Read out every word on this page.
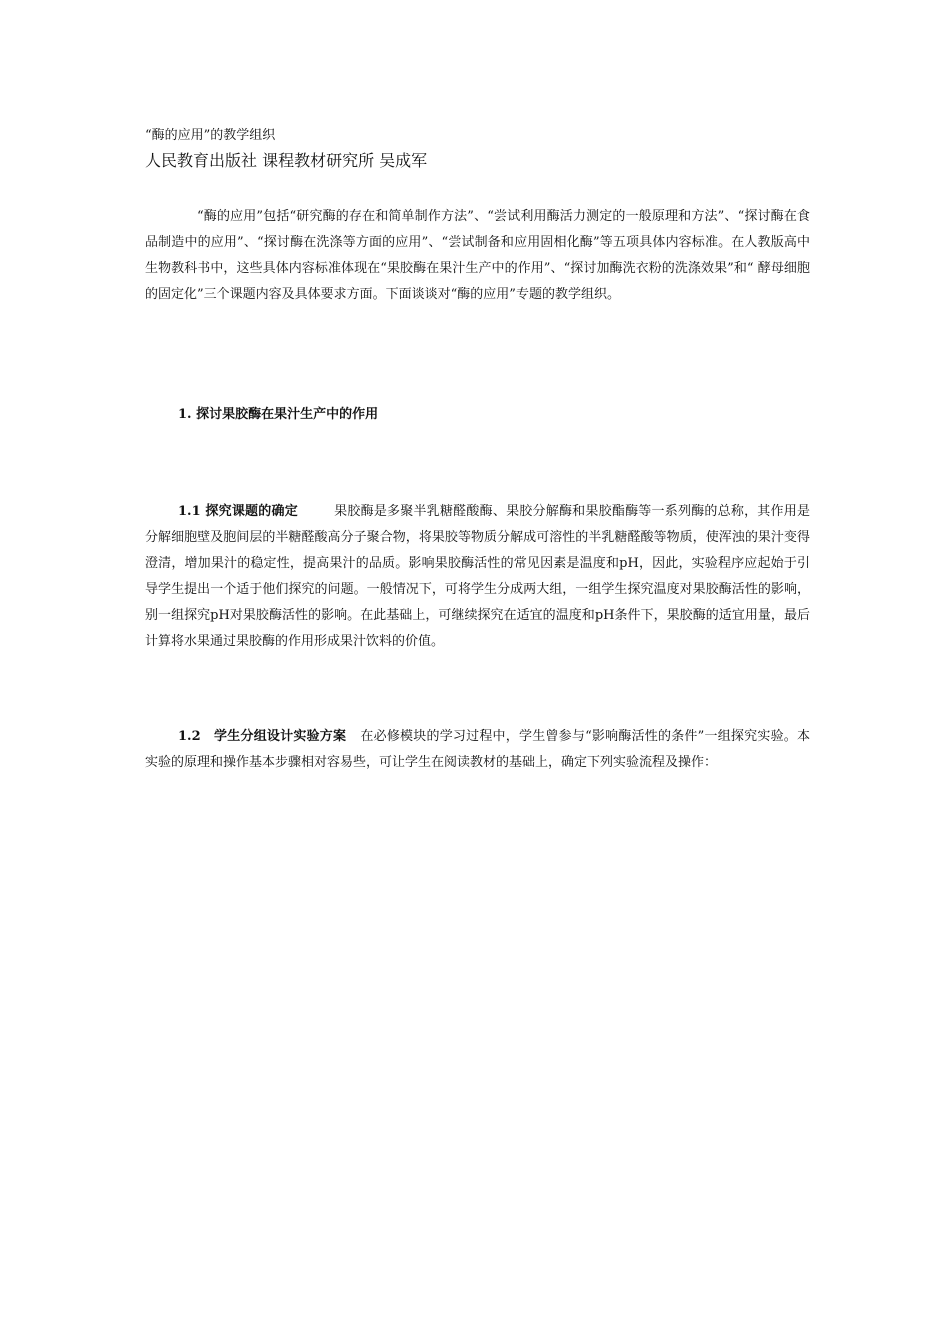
“酶的应用”的教学组织
人民教育出版社 课程教材研究所 吴成军

“酶的应用”包括“研究酶的存在和简单制作方法”、“尝试利用酶活力测定的一般原理和方法”、“探讨酶在食品制造中的应用”、“探讨酶在洗涤等方面的应用”、“尝试制备和应用固相化酶”等五项具体内容标准。在人教版高中生物教科书中，这些具体内容标准体现在“果胶酶在果汁生产中的作用”、“探讨加酶洗衣粉的洗涤效果”和“ 酵母细胞的固定化”三个课题内容及具体要求方面。下面谈谈对“酶的应用”专题的教学组织。

1. 探讨果胶酶在果汁生产中的作用

1.1 探究课题的确定	果胶酶是多聚半乳糖醛酸酶、果胶分解酶和果胶酯酶等一系列酶的总称，其作用是分解细胞壁及胞间层的半糖醛酸高分子聚合物，将果胶等物质分解成可溶性的半乳糖醛酸等物质，使浑浊的果汁变得澄清，增加果汁的稳定性，提高果汁的品质。影响果胶酶活性的常见因素是温度和pH，因此，实验程序应起始于引导学生提出一个适于他们探究的问题。一般情况下，可将学生分成两大组，一组学生探究温度对果胶酶活性的影响，别一组探究pH对果胶酶活性的影响。在此基础上，可继续探究在适宜的温度和pH条件下，果胶酶的适宜用量，最后计算将水果通过果胶酶的作用形成果汁饮料的价值。

1.2　学生分组设计实验方案 在必修模块的学习过程中，学生曾参与“影响酶活性的条件”一组探究实验。本实验的原理和操作基本步骤相对容易些，可让学生在阅读教材的基础上，确定下列实验流程及操作：
